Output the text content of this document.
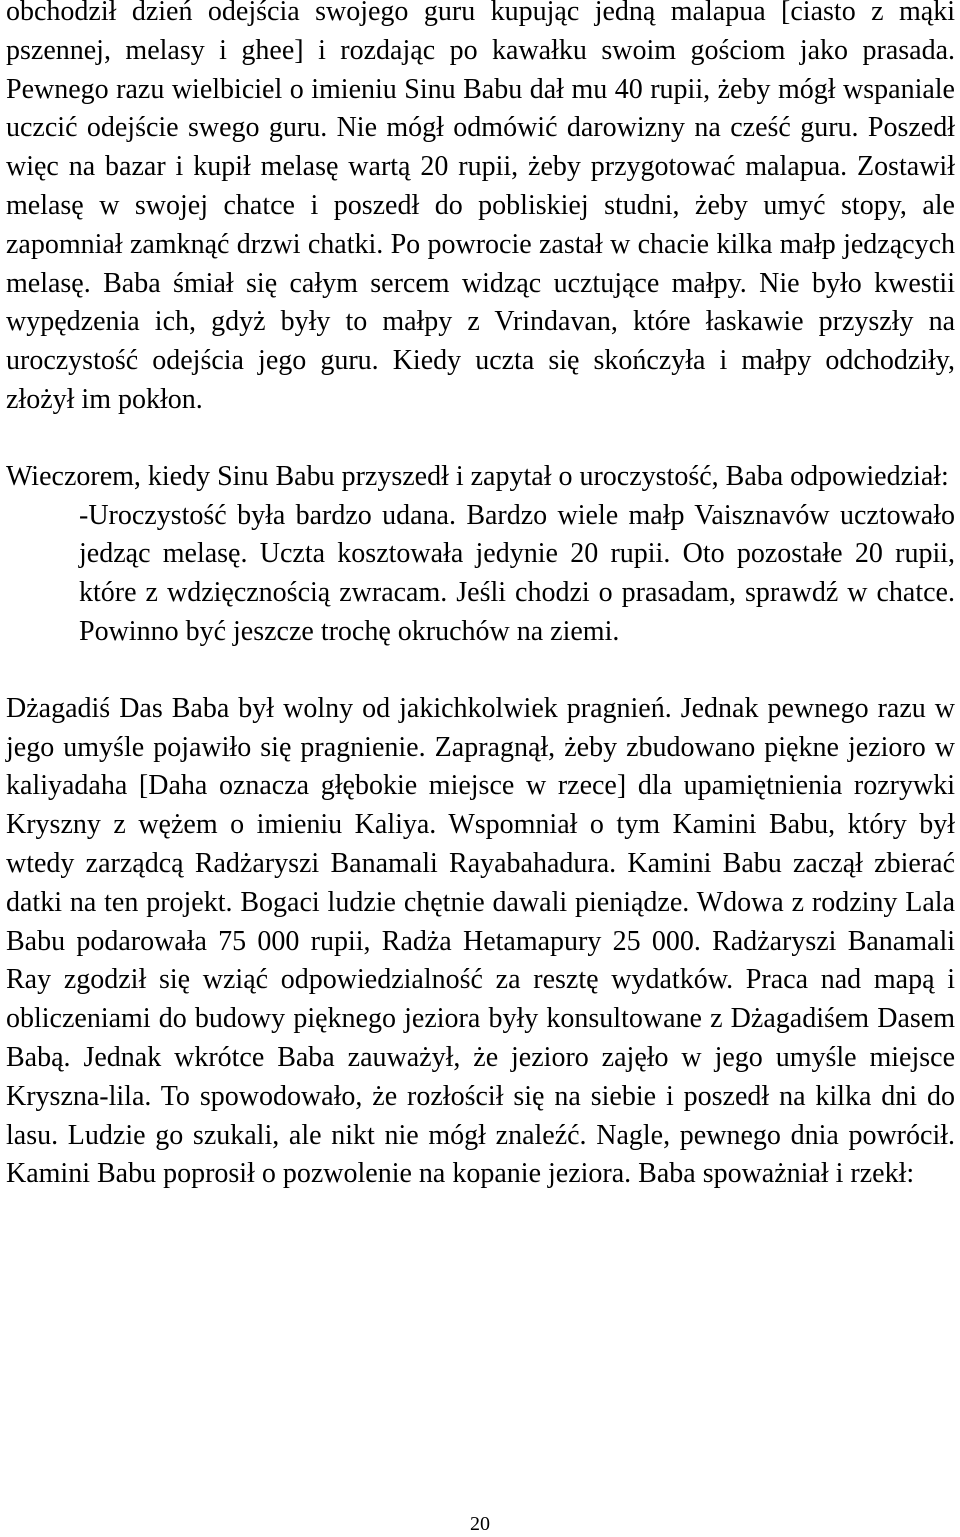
obchodził dzień odejścia swojego guru kupując jedną malapua [ciasto z mąki pszennej, melasy i ghee] i rozdając po kawałku swoim gościom jako prasada. Pewnego razu wielbiciel o imieniu Sinu Babu dał mu 40 rupii, żeby mógł wspaniale uczcić odejście swego guru. Nie mógł odmówić darowizny na cześć guru. Poszedł więc na bazar i kupił melasę wartą 20 rupii, żeby przygotować malapua. Zostawił melasę w swojej chatce i poszedł do pobliskiej studni, żeby umyć stopy, ale zapomniał zamknąć drzwi chatki. Po powrocie zastał w chacie kilka małp jedzących melasę. Baba śmiał się całym sercem widząc ucztujące małpy. Nie było kwestii wypędzenia ich, gdyż były to małpy z Vrindavan, które łaskawie przyszły na uroczystość odejścia jego guru. Kiedy uczta się skończyła i małpy odchodziły, złożył im pokłon.

Wieczorem, kiedy Sinu Babu przyszedł i zapytał o uroczystość, Baba odpowiedział:

-Uroczystość była bardzo udana. Bardzo wiele małp Vaisznavów ucztowało jedząc melasę. Uczta kosztowała jedynie 20 rupii. Oto pozostałe 20 rupii, które z wdzięcznością zwracam. Jeśli chodzi o prasadam, sprawdź w chatce. Powinno być jeszcze trochę okruchów na ziemi.

Dżagadiś Das Baba był wolny od jakichkolwiek pragnień. Jednak pewnego razu w jego umyśle pojawiło się pragnienie. Zapragnął, żeby zbudowano piękne jezioro w kaliyadaha [Daha oznacza głębokie miejsce w rzece] dla upamiętnienia rozrywki Kryszny z wężem o imieniu Kaliya. Wspomniał o tym Kamini Babu, który był wtedy zarządcą Radżaryszi Banamali Rayabahadura. Kamini Babu zaczął zbierać datki na ten projekt. Bogaci ludzie chętnie dawali pieniądze. Wdowa z rodziny Lala Babu podarowała 75 000 rupii, Radża Hetamapury 25 000. Radżaryszi Banamali Ray zgodził się wziąć odpowiedzialność za resztę wydatków. Praca nad mapą i obliczeniami do budowy pięknego jeziora były konsultowane z Dżagadiśem Dasem Babą. Jednak wkrótce Baba zauważył, że jezioro zajęło w jego umyśle miejsce Kryszna-lila. To spowodowało, że rozłościł się na siebie i poszedł na kilka dni do lasu. Ludzie go szukali, ale nikt nie mógł znaleźć. Nagle, pewnego dnia powrócił. Kamini Babu poprosił o pozwolenie na kopanie jeziora. Baba spoważniał i rzekł:

20
